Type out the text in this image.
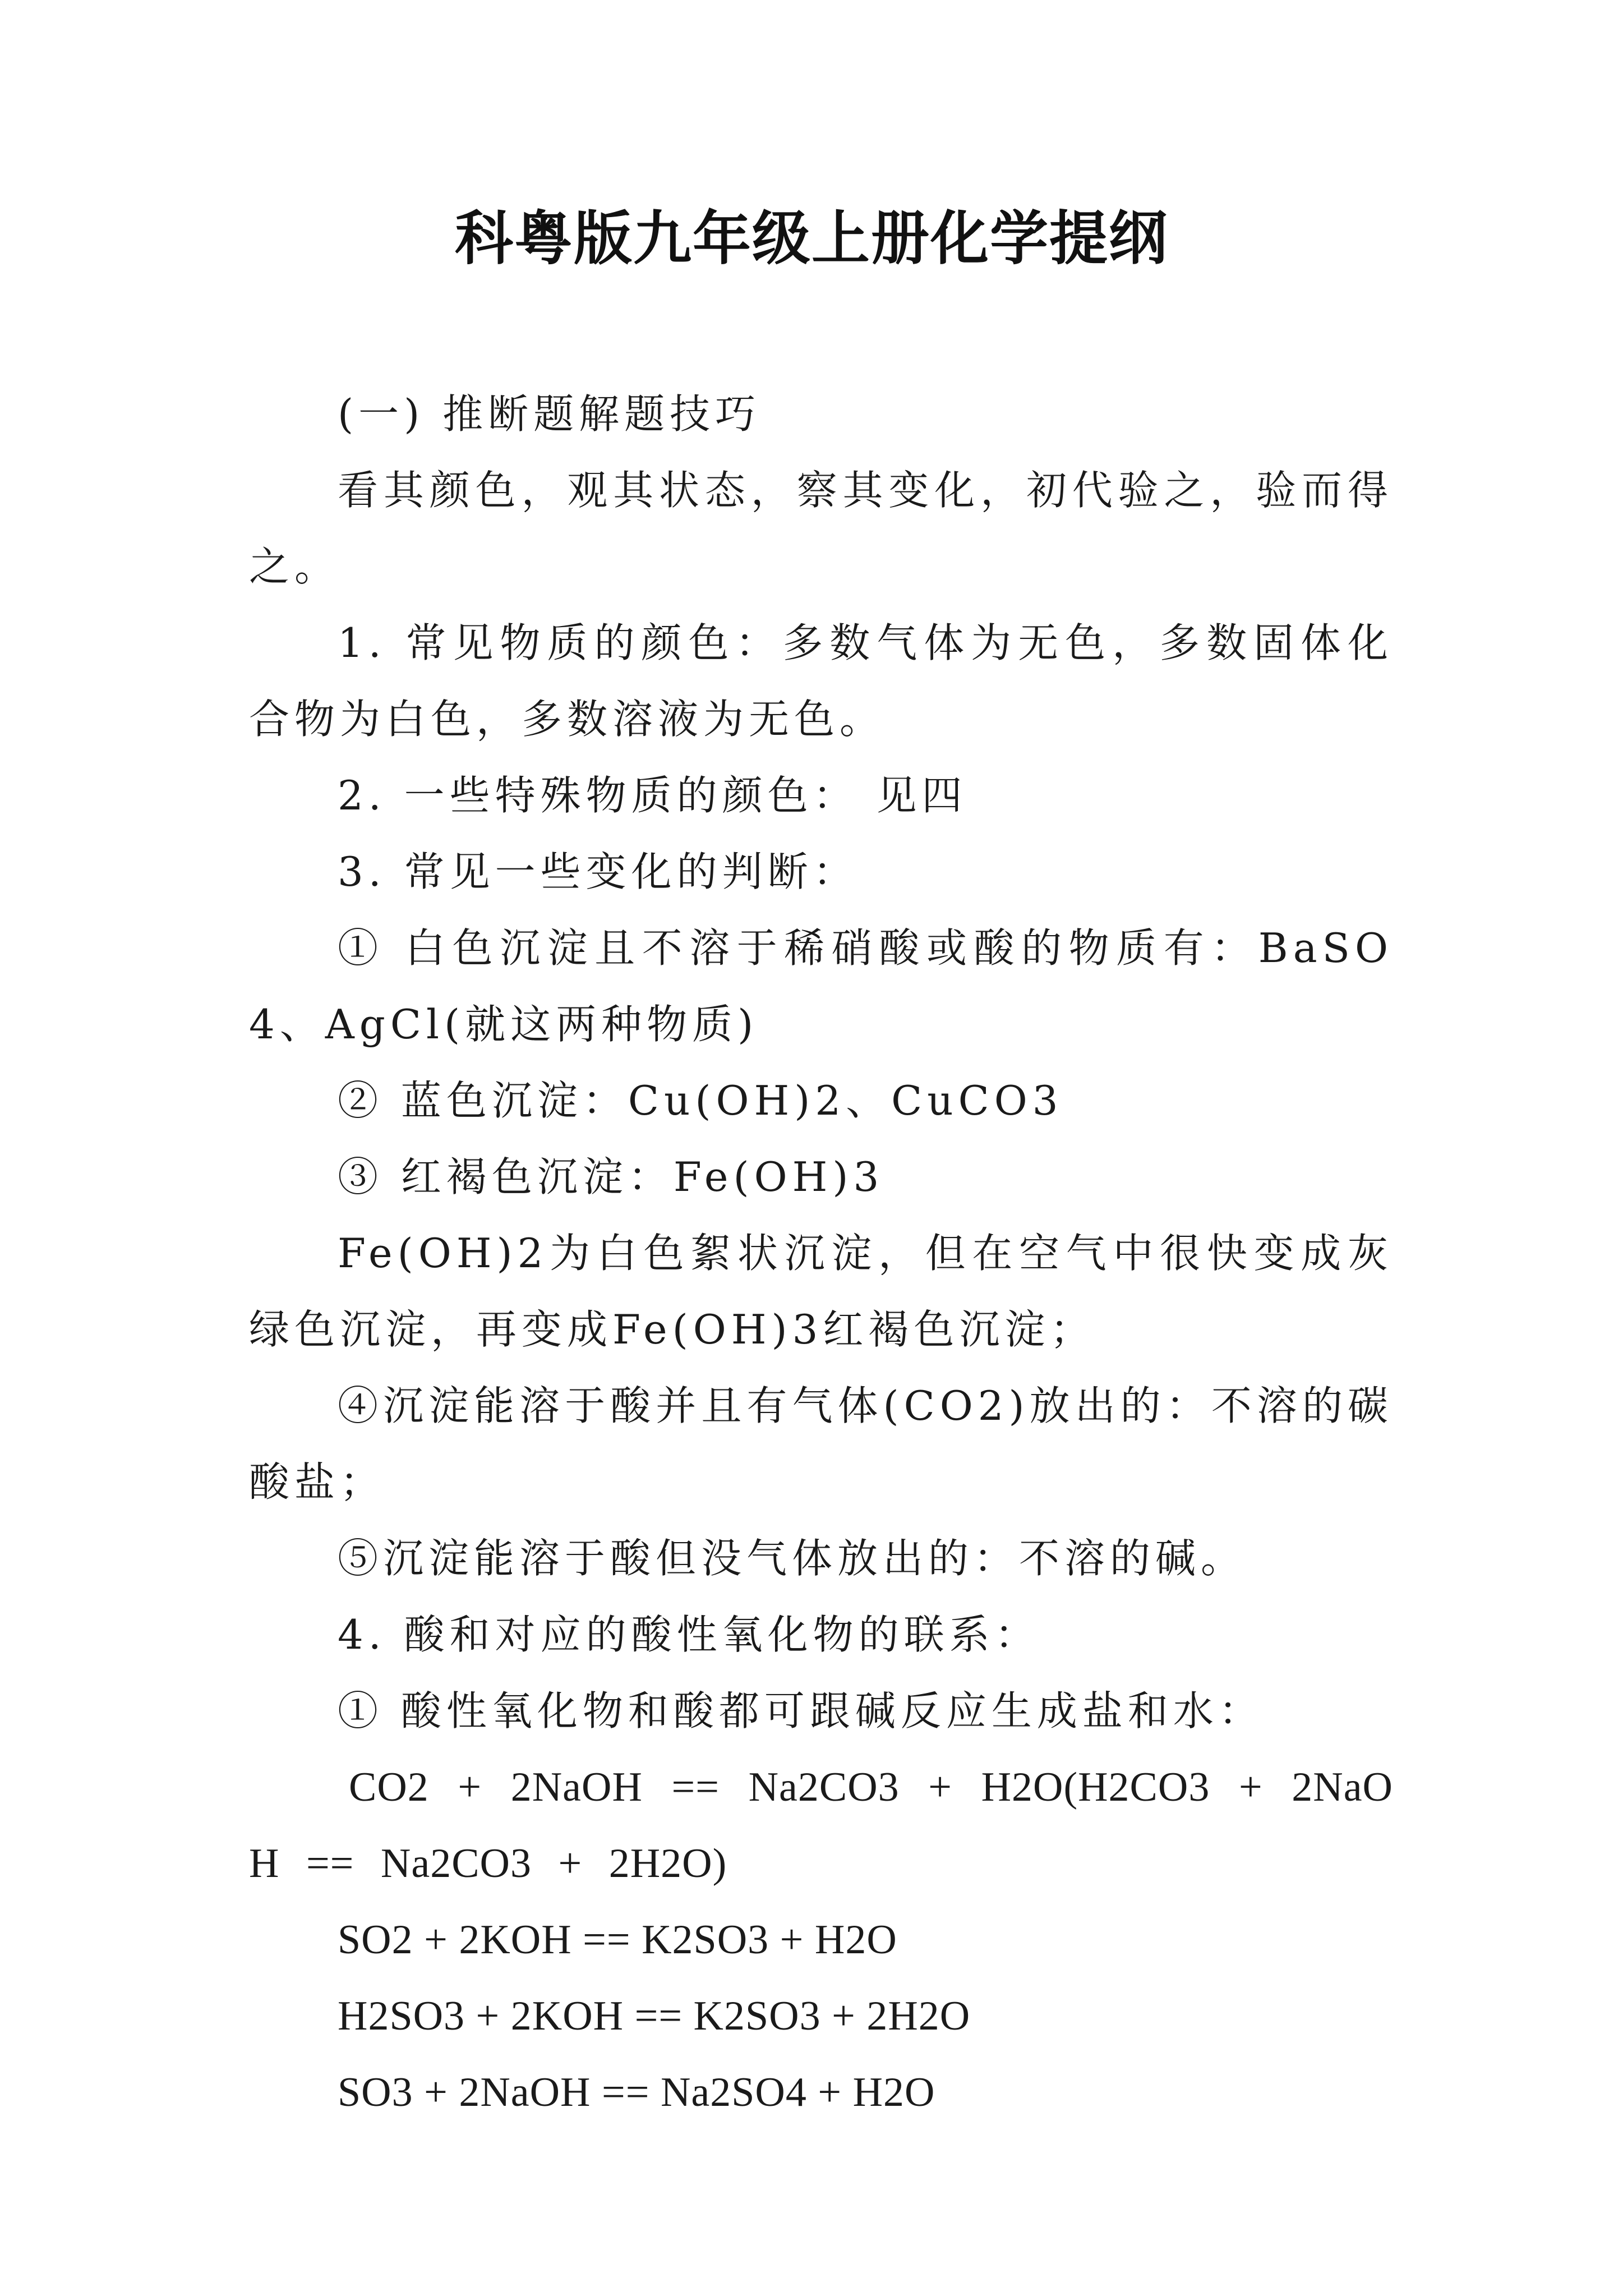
科粤版九年级上册化学提纲

(一) 推断题解题技巧

看其颜色，观其状态，察其变化，初代验之，验而得之。

1. 常见物质的颜色：多数气体为无色，多数固体化合物为白色，多数溶液为无色。

2. 一些特殊物质的颜色： 见四

3. 常见一些变化的判断：

① 白色沉淀且不溶于稀硝酸或酸的物质有：BaSO4、AgCl(就这两种物质)

② 蓝色沉淀：Cu(OH)2、CuCO3

③ 红褐色沉淀：Fe(OH)3

Fe(OH)2为白色絮状沉淀，但在空气中很快变成灰绿色沉淀，再变成Fe(OH)3红褐色沉淀；

④沉淀能溶于酸并且有气体(CO2)放出的：不溶的碳酸盐；

⑤沉淀能溶于酸但没气体放出的：不溶的碱。

4. 酸和对应的酸性氧化物的联系：

① 酸性氧化物和酸都可跟碱反应生成盐和水：

CO2 + 2NaOH == Na2CO3 + H2O(H2CO3 + 2NaOH == Na2CO3 + 2H2O)

SO2 + 2KOH == K2SO3 + H2O

H2SO3 + 2KOH == K2SO3 + 2H2O

SO3 + 2NaOH == Na2SO4 + H2O
